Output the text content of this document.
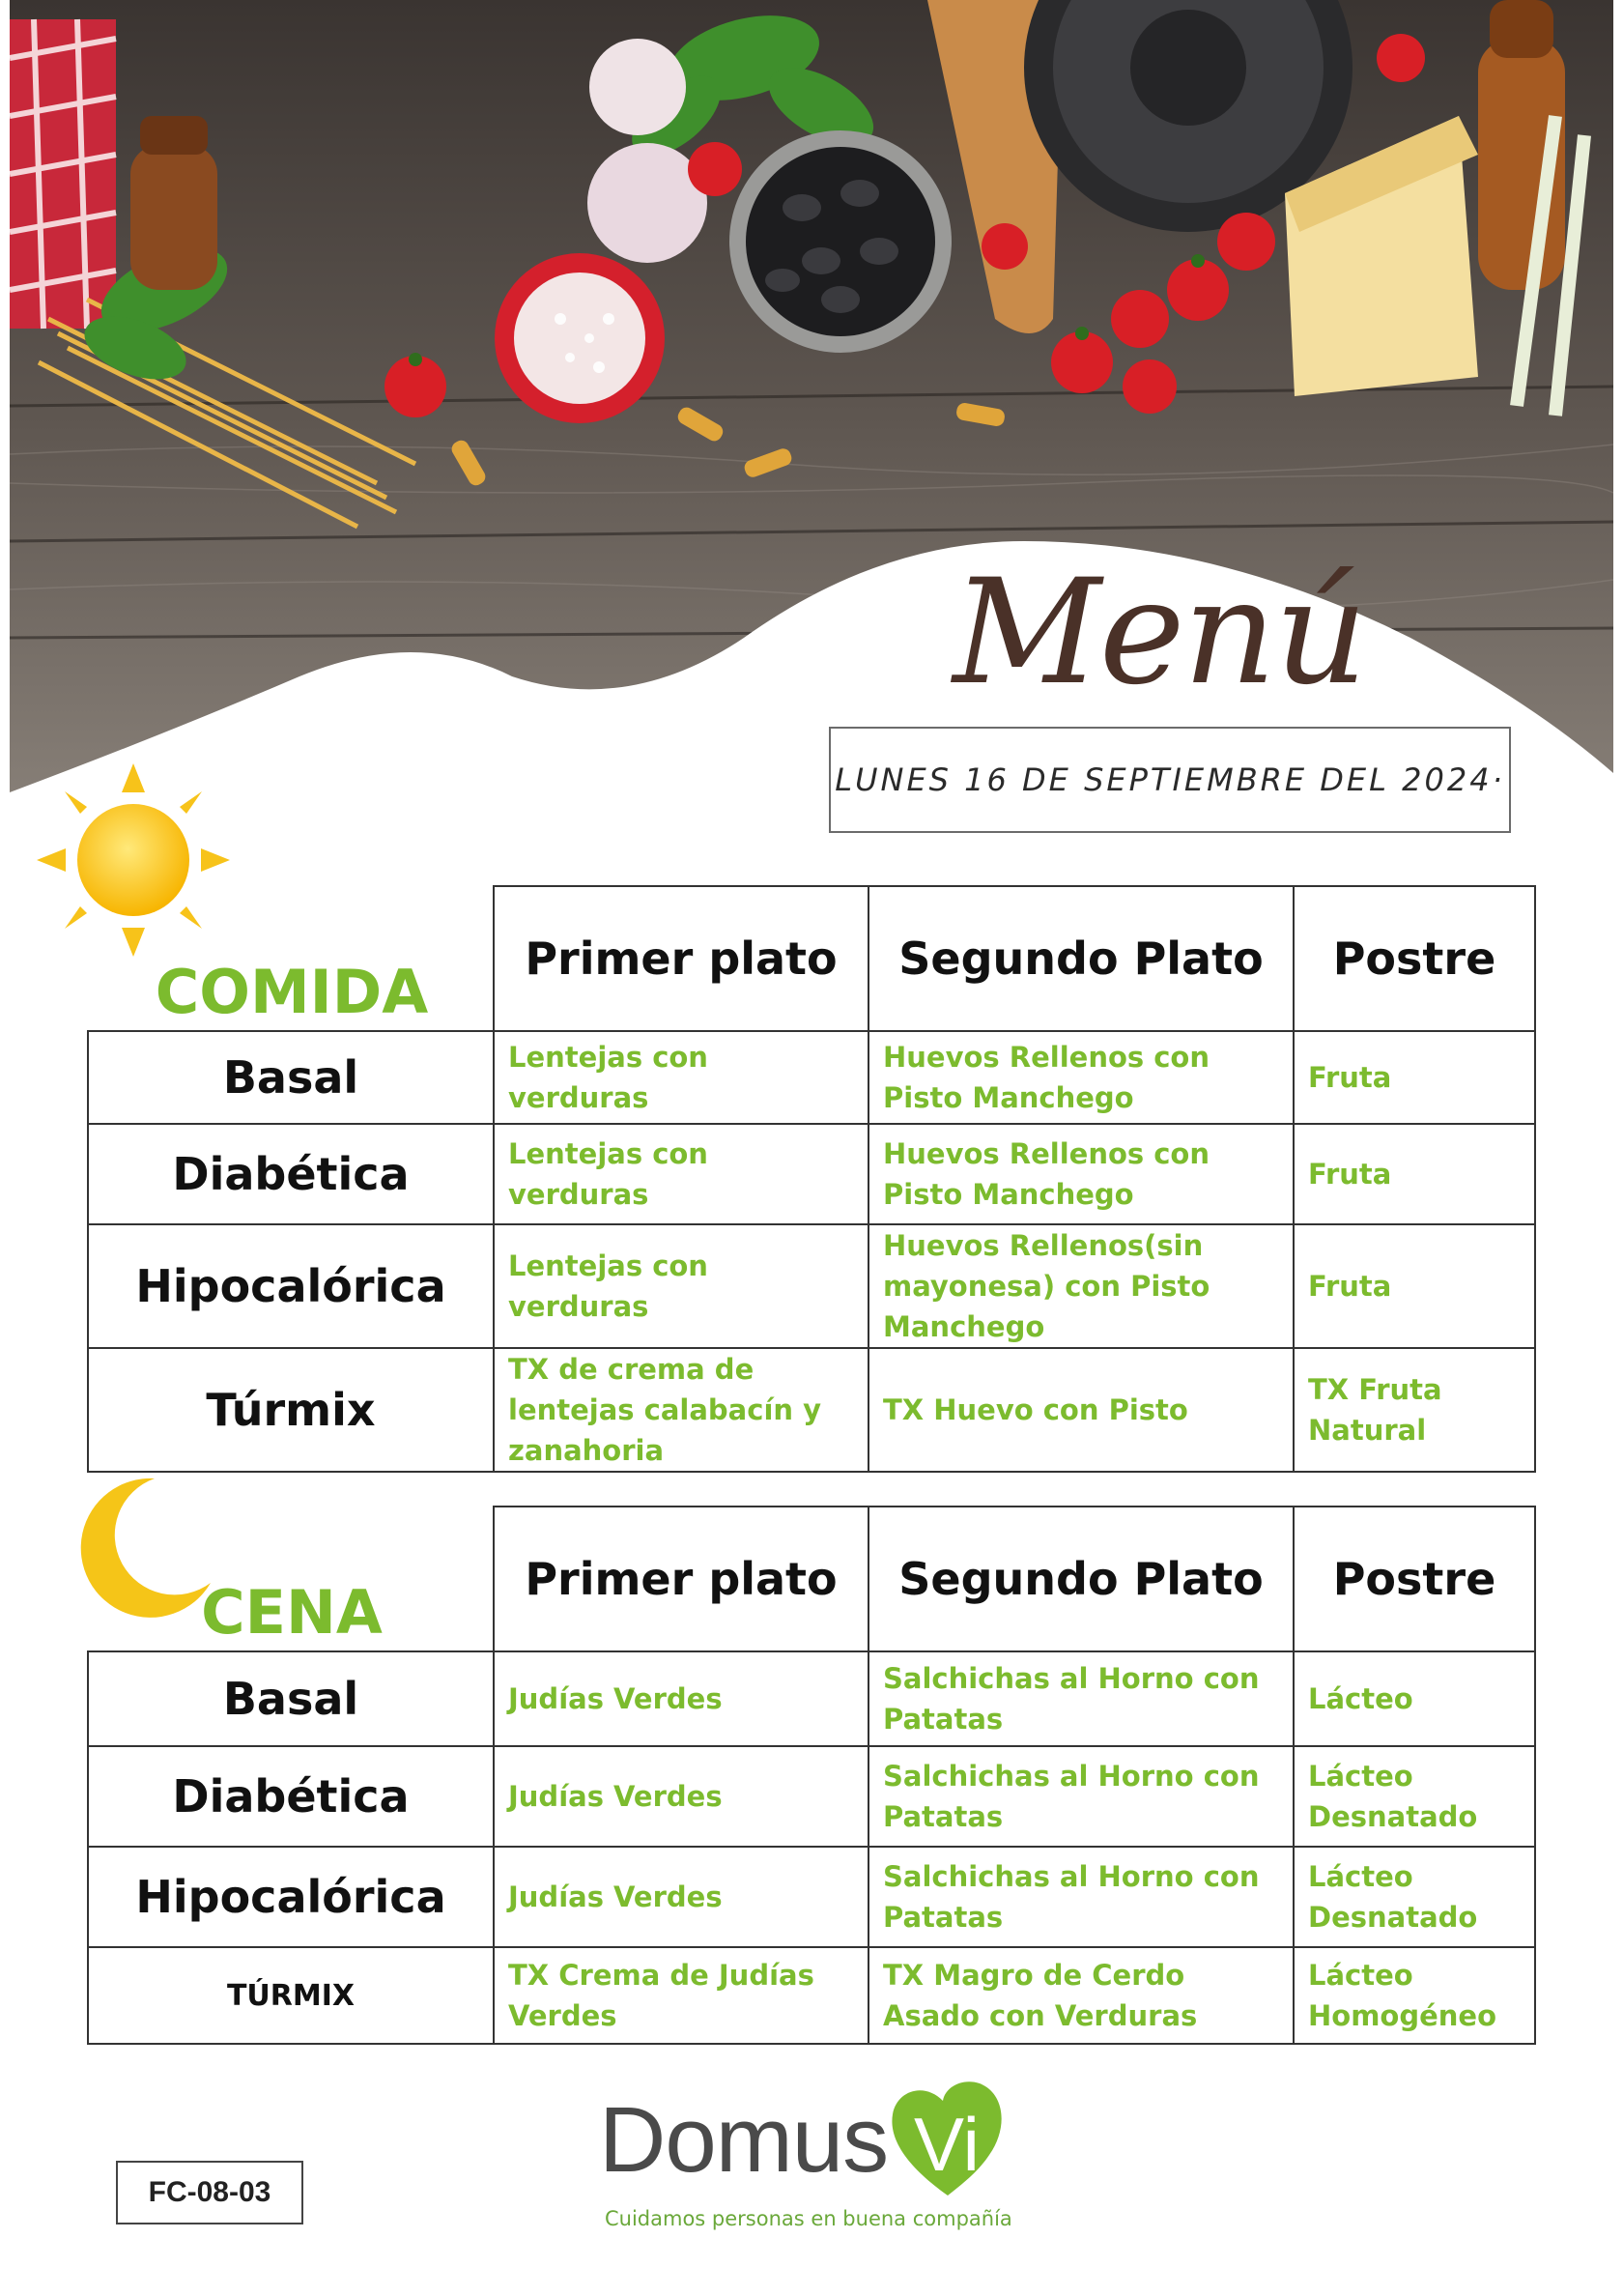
Menú
LUNES 16 DE SEPTIEMBRE DEL 2024·
COMIDA
		Primer plato	Segundo Plato	Postre
Basal	Lentejas con verduras	Huevos Rellenos con Pisto Manchego	Fruta
Diabética	Lentejas con verduras	Huevos Rellenos con Pisto Manchego	Fruta
Hipocalórica	Lentejas con verduras	Huevos Rellenos(sin mayonesa) con Pisto Manchego	Fruta
Túrmix	TX de crema de lentejas calabacín y zanahoria	TX Huevo con Pisto	TX Fruta Natural
CENA
		Primer plato	Segundo Plato	Postre
Basal	Judías Verdes	Salchichas al Horno con Patatas	Lácteo
Diabética	Judías Verdes	Salchichas al Horno con Patatas	Lácteo Desnatado
Hipocalórica	Judías Verdes	Salchichas al Horno con Patatas	Lácteo Desnatado
TÚRMIX	TX Crema de Judías Verdes	TX Magro de Cerdo Asado con Verduras	Lácteo Homogéneo
FC-08-03
Domus Vi
Cuidamos personas en buena compañía
